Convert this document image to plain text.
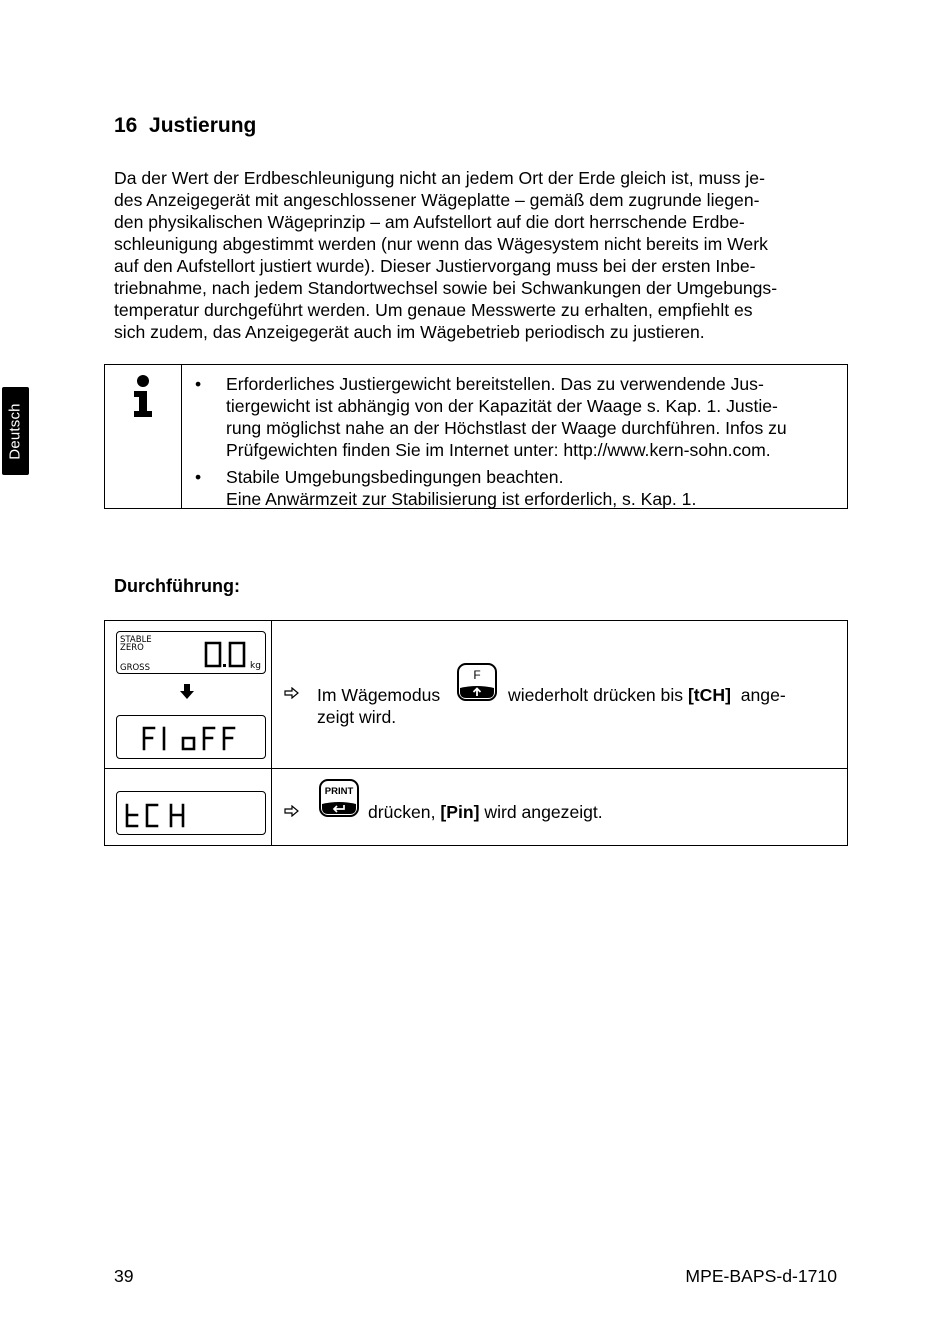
Deutsch
16 Justierung

Da der Wert der Erdbeschleunigung nicht an jedem Ort der Erde gleich ist, muss je-
des Anzeigegerät mit angeschlossener Wägeplatte – gemäß dem zugrunde liegen-
den physikalischen Wägeprinzip – am Aufstellort auf die dort herrschende Erdbe-
schleunigung abgestimmt werden (nur wenn das Wägesystem nicht bereits im Werk
auf den Aufstellort justiert wurde). Dieser Justiervorgang muss bei der ersten Inbe-
triebnahme, nach jedem Standortwechsel sowie bei Schwankungen der Umgebungs-
temperatur durchgeführt werden. Um genaue Messwerte zu erhalten, empfiehlt es
sich zudem, das Anzeigegerät auch im Wägebetrieb periodisch zu justieren.

• Erforderliches Justiergewicht bereitstellen. Das zu verwendende Jus-
tiergewicht ist abhängig von der Kapazität der Waage s. Kap. 1. Justie-
rung möglichst nahe an der Höchstlast der Waage durchführen. Infos zu
Prüfgewichten finden Sie im Internet unter: http://www.kern-sohn.com.
• Stabile Umgebungsbedingungen beachten.
Eine Anwärmzeit zur Stabilisierung ist erforderlich, s. Kap. 1.
Durchführung:
STABLE
ZERO
GROSS	kg
Im Wägemodus
F
wiederholt drücken bis [tCH] ange-
zeigt wird.
PRINT
drücken, [Pin] wird angezeigt.
39	MPE-BAPS-d-1710
